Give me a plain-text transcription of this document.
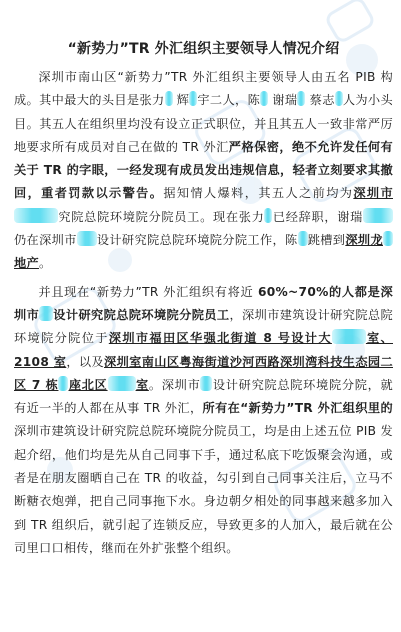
“新势力”TR 外汇组织主要领导人情况介绍

深圳市南山区“新势力”TR 外汇组织主要领导人由五名 PIB 构成。其中最大的头目是张力 辉 宇二人，陈 谢瑞 蔡志 人为小头目。其五人在组织里均没有设立正式职位，并且其五人一致非常严厉地要求所有成员对自己在做的 TR 外汇严格保密，绝不允许发任何有关于 TR 的字眼，一经发现有成员发出违规信息，轻者立刻要求其撤回，重者罚款以示警告。据知情人爆料，其五人之前均为深圳市究院总院环境院分院员工。现在张力 已经辞职，谢瑞仍在深圳市 设计研究院总院环境院分院工作，陈 跳槽到深圳龙地产。

并且现在“新势力”TR 外汇组织有将近 60%~70%的人都是深圳市 设计研究院总院环境院分院员工，深圳市建筑设计研究院总院环境院分院位于深圳市福田区华强北街道 8 号设计大	室、2108 室，以及深圳室南山区粤海街道沙河西路深圳湾科技生态园二区 7 栋 座北区 室。深圳市 设计研究院总院环境院分院，就有近一半的人都在从事 TR 外汇，所有在“新势力”TR 外汇组织里的深圳市建筑设计研究院总院环境院分院员工，均是由上述五位 PIB 发起介绍，他们均是先从自己同事下手，通过私底下吃饭聚会沟通，或者是在朋友圈晒自己在 TR 的收益，勾引到自己同事关注后，立马不断糖衣炮弹，把自己同事拖下水。身边朝夕相处的同事越来越多加入到 TR 组织后，就引起了连锁反应，导致更多的人加入，最后就在公司里口口相传，继而在外扩张整个组织。
